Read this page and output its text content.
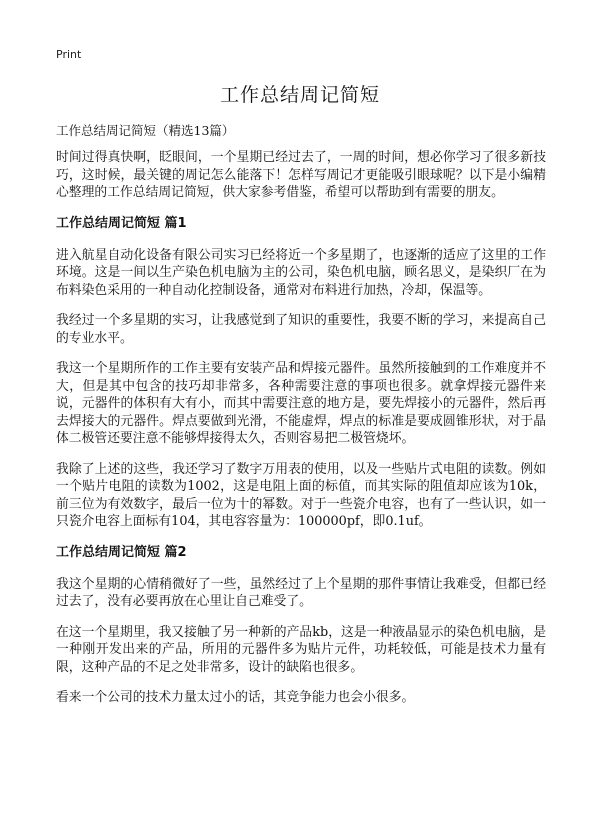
Print
工作总结周记简短
工作总结周记简短（精选13篇）

时间过得真快啊，眨眼间，一个星期已经过去了，一周的时间，想必你学习了很多新技巧，这时候，最关键的周记怎么能落下！怎样写周记才更能吸引眼球呢？以下是小编精心整理的工作总结周记简短，供大家参考借鉴，希望可以帮助到有需要的朋友。

工作总结周记简短 篇1

进入航星自动化设备有限公司实习已经将近一个多星期了，也逐渐的适应了这里的工作环境。这是一间以生产染色机电脑为主的公司，染色机电脑，顾名思义，是染织厂在为布料染色采用的一种自动化控制设备，通常对布料进行加热，冷却，保温等。

我经过一个多星期的实习，让我感觉到了知识的重要性，我要不断的学习，来提高自己的专业水平。

我这一个星期所作的工作主要有安装产品和焊接元器件。虽然所接触到的工作难度并不大，但是其中包含的技巧却非常多，各种需要注意的事项也很多。就拿焊接元器件来说，元器件的体积有大有小，而其中需要注意的地方是，要先焊接小的元器件，然后再去焊接大的元器件。焊点要做到光滑，不能虚焊，焊点的标准是要成圆锥形状，对于晶体二极管还要注意不能够焊接得太久，否则容易把二极管烧坏。

我除了上述的这些，我还学习了数字万用表的使用，以及一些贴片式电阻的读数。例如一个贴片电阻的读数为1002，这是电阻上面的标值，而其实际的阻值却应该为10k，前三位为有效数字，最后一位为十的幂数。对于一些瓷介电容，也有了一些认识，如一只瓷介电容上面标有104，其电容容量为：100000pf，即0.1uf。

工作总结周记简短 篇2

我这个星期的心情稍微好了一些，虽然经过了上个星期的那件事情让我难受，但都已经过去了，没有必要再放在心里让自己难受了。

在这一个星期里，我又接触了另一种新的产品kb，这是一种液晶显示的染色机电脑，是一种刚开发出来的产品，所用的元器件多为贴片元件，功耗较低，可能是技术力量有限，这种产品的不足之处非常多，设计的缺陷也很多。

看来一个公司的技术力量太过小的话，其竞争能力也会小很多。
